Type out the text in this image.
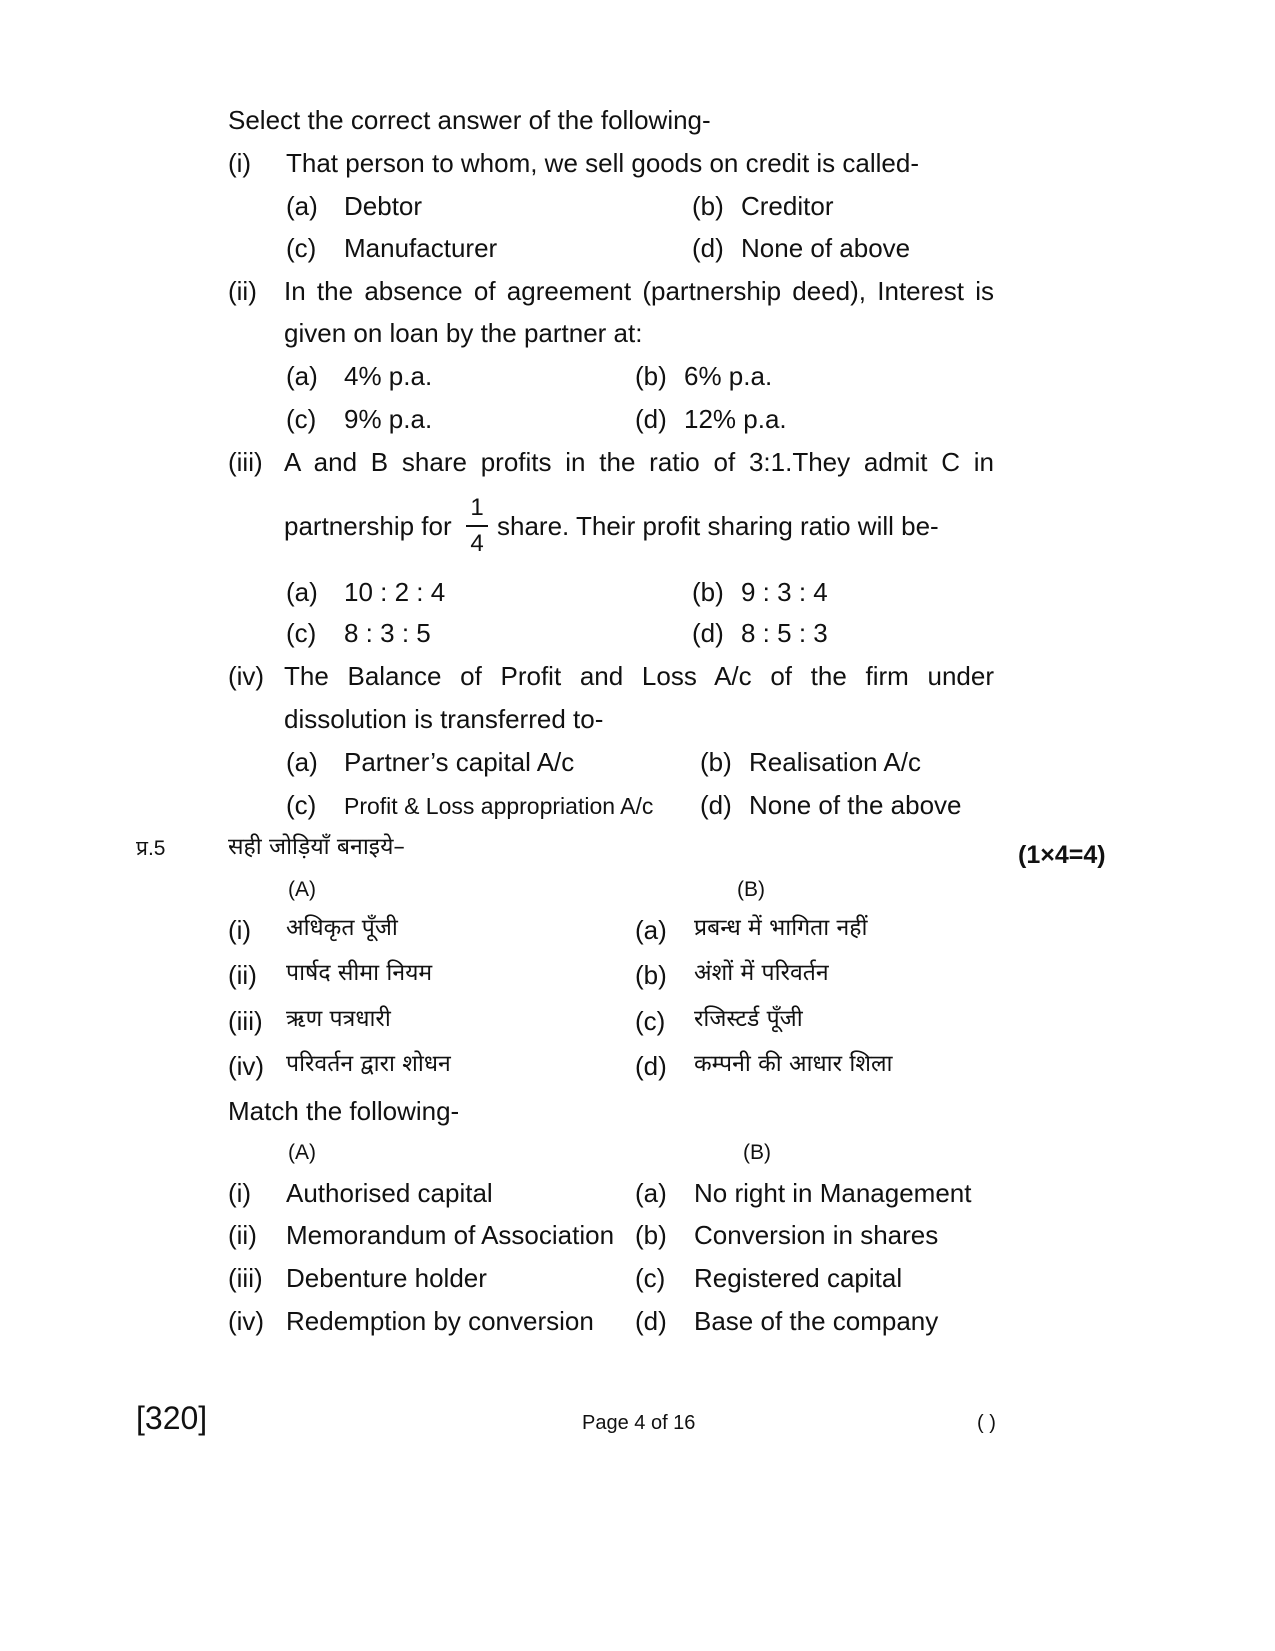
Select the correct answer of the following-
(i) That person to whom, we sell goods on credit is called-
(a) Debtor	(b) Creditor
(c) Manufacturer	(d) None of above
(ii) In the absence of agreement (partnership deed), Interest is
given on loan by the partner at:
(a) 4% p.a.	(b) 6% p.a.
(c) 9% p.a.	(d) 12% p.a.
(iii) A and B share profits in the ratio of 3:1.They admit C in
partnership for
1
4
share. Their profit sharing ratio will be-
(a) 10 : 2 : 4	(b) 9 : 3 : 4
(c) 8 : 3 : 5	(d) 8 : 5 : 3
(iv) The Balance of Profit and Loss A/c of the firm under
dissolution is transferred to-
(a) Partner’s capital A/c	(b) Realisation A/c
(c) Profit & Loss appropriation A/c (d) None of the above
प्र.5	सही जोड़ियाँ बनाइये–	(1×4=4)
(A)	(B)
(i) अधिकृत पूँजी	(a) प्रबन्ध में भागिता नहीं
(ii) पार्षद सीमा नियम	(b) अंशों में परिवर्तन
(iii) ऋण पत्रधारी	(c) रजिस्टर्ड पूँजी
(iv) परिवर्तन द्वारा शोधन	(d) कम्पनी की आधार शिला
Match the following-
(A)	(B)
(i) Authorised capital	(a) No right in Management
(ii) Memorandum of Association (b) Conversion in shares
(iii) Debenture holder	(c) Registered capital
(iv) Redemption by conversion (d) Base of the company
[320]	Page 4 of 16	( )
